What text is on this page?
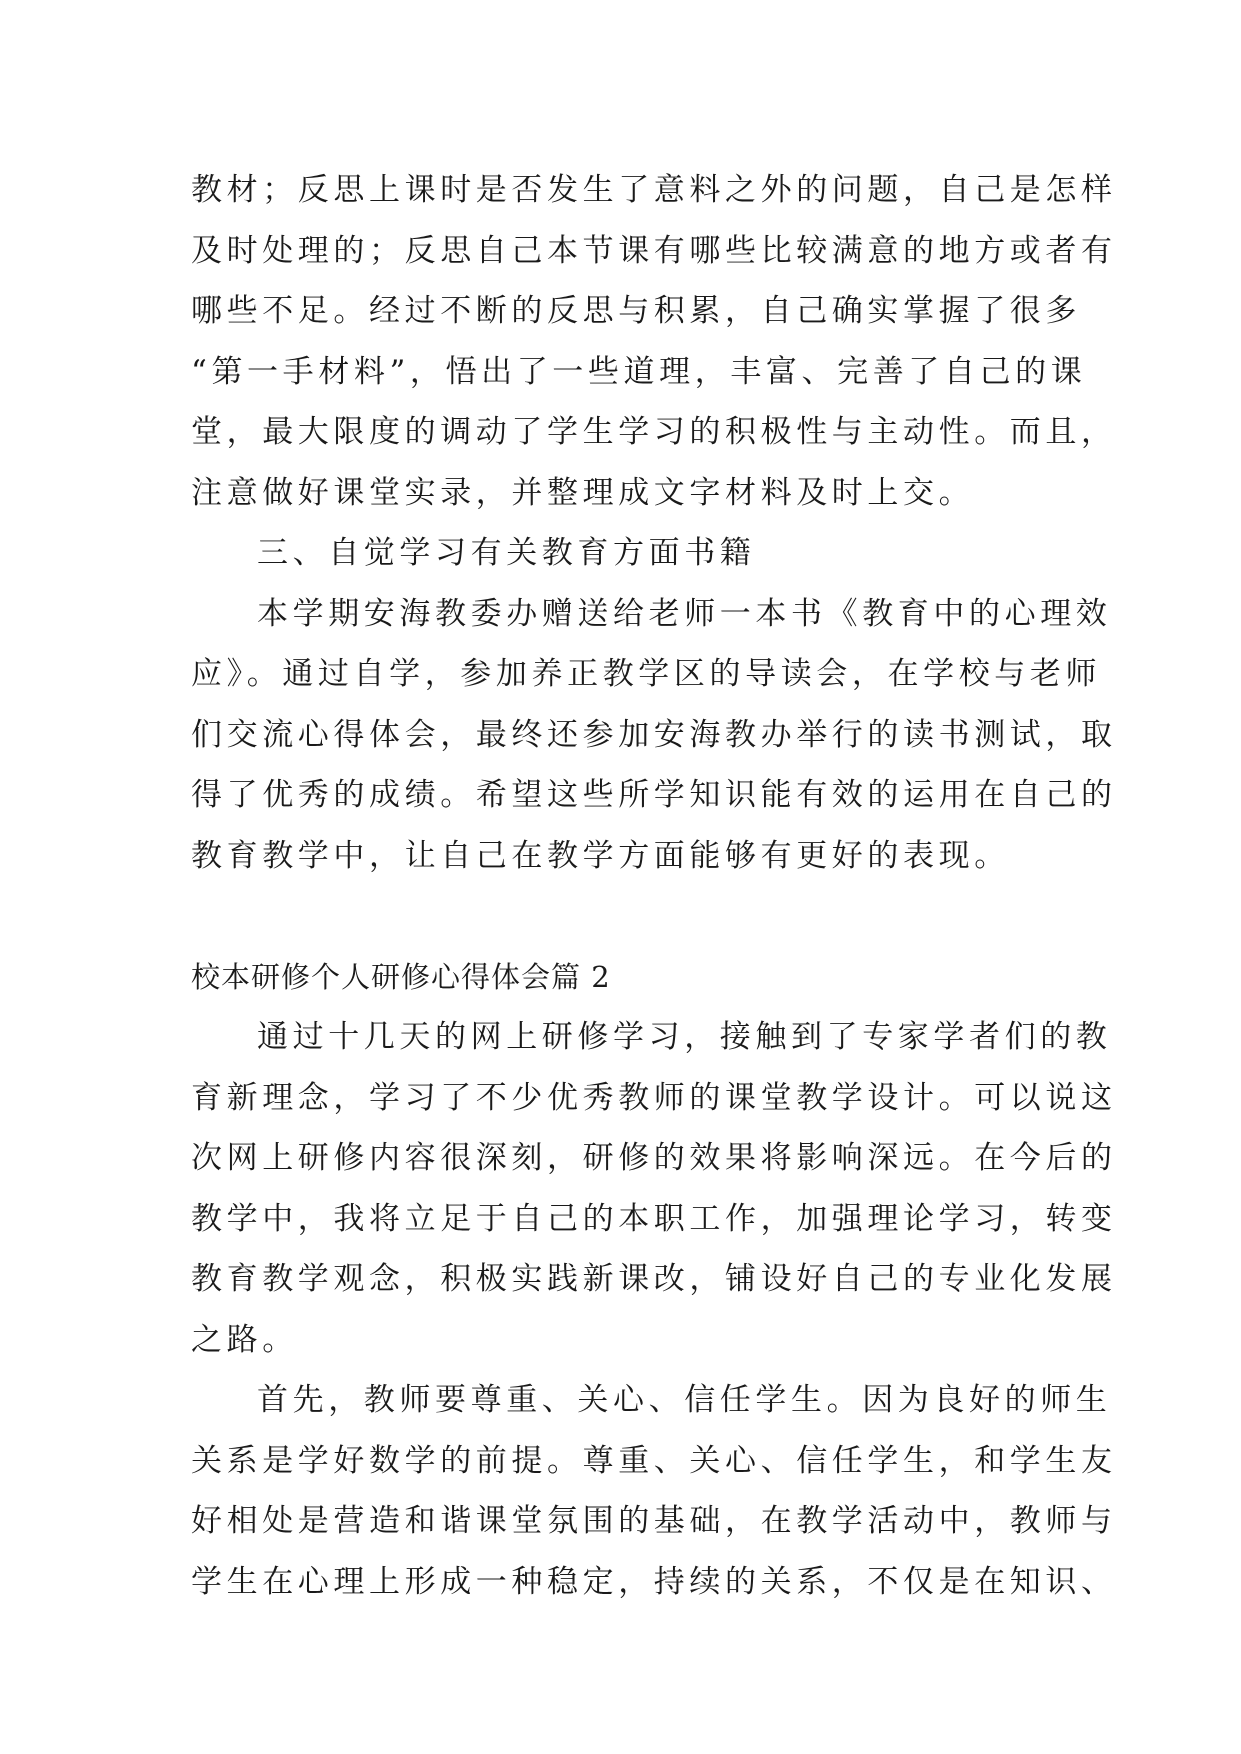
教材；反思上课时是否发生了意料之外的问题，自己是怎样
及时处理的；反思自己本节课有哪些比较满意的地方或者有
哪些不足。经过不断的反思与积累，自己确实掌握了很多
“第一手材料”，悟出了一些道理，丰富、完善了自己的课
堂，最大限度的调动了学生学习的积极性与主动性。而且，
注意做好课堂实录，并整理成文字材料及时上交。
三、自觉学习有关教育方面书籍
本学期安海教委办赠送给老师一本书《教育中的心理效
应》。通过自学，参加养正教学区的导读会，在学校与老师
们交流心得体会，最终还参加安海教办举行的读书测试，取
得了优秀的成绩。希望这些所学知识能有效的运用在自己的
教育教学中，让自己在教学方面能够有更好的表现。
校本研修个人研修心得体会篇 2
通过十几天的网上研修学习，接触到了专家学者们的教
育新理念，学习了不少优秀教师的课堂教学设计。可以说这
次网上研修内容很深刻，研修的效果将影响深远。在今后的
教学中，我将立足于自己的本职工作，加强理论学习，转变
教育教学观念，积极实践新课改，铺设好自己的专业化发展
之路。
首先，教师要尊重、关心、信任学生。因为良好的师生
关系是学好数学的前提。尊重、关心、信任学生，和学生友
好相处是营造和谐课堂氛围的基础，在教学活动中，教师与
学生在心理上形成一种稳定，持续的关系，不仅是在知识、
